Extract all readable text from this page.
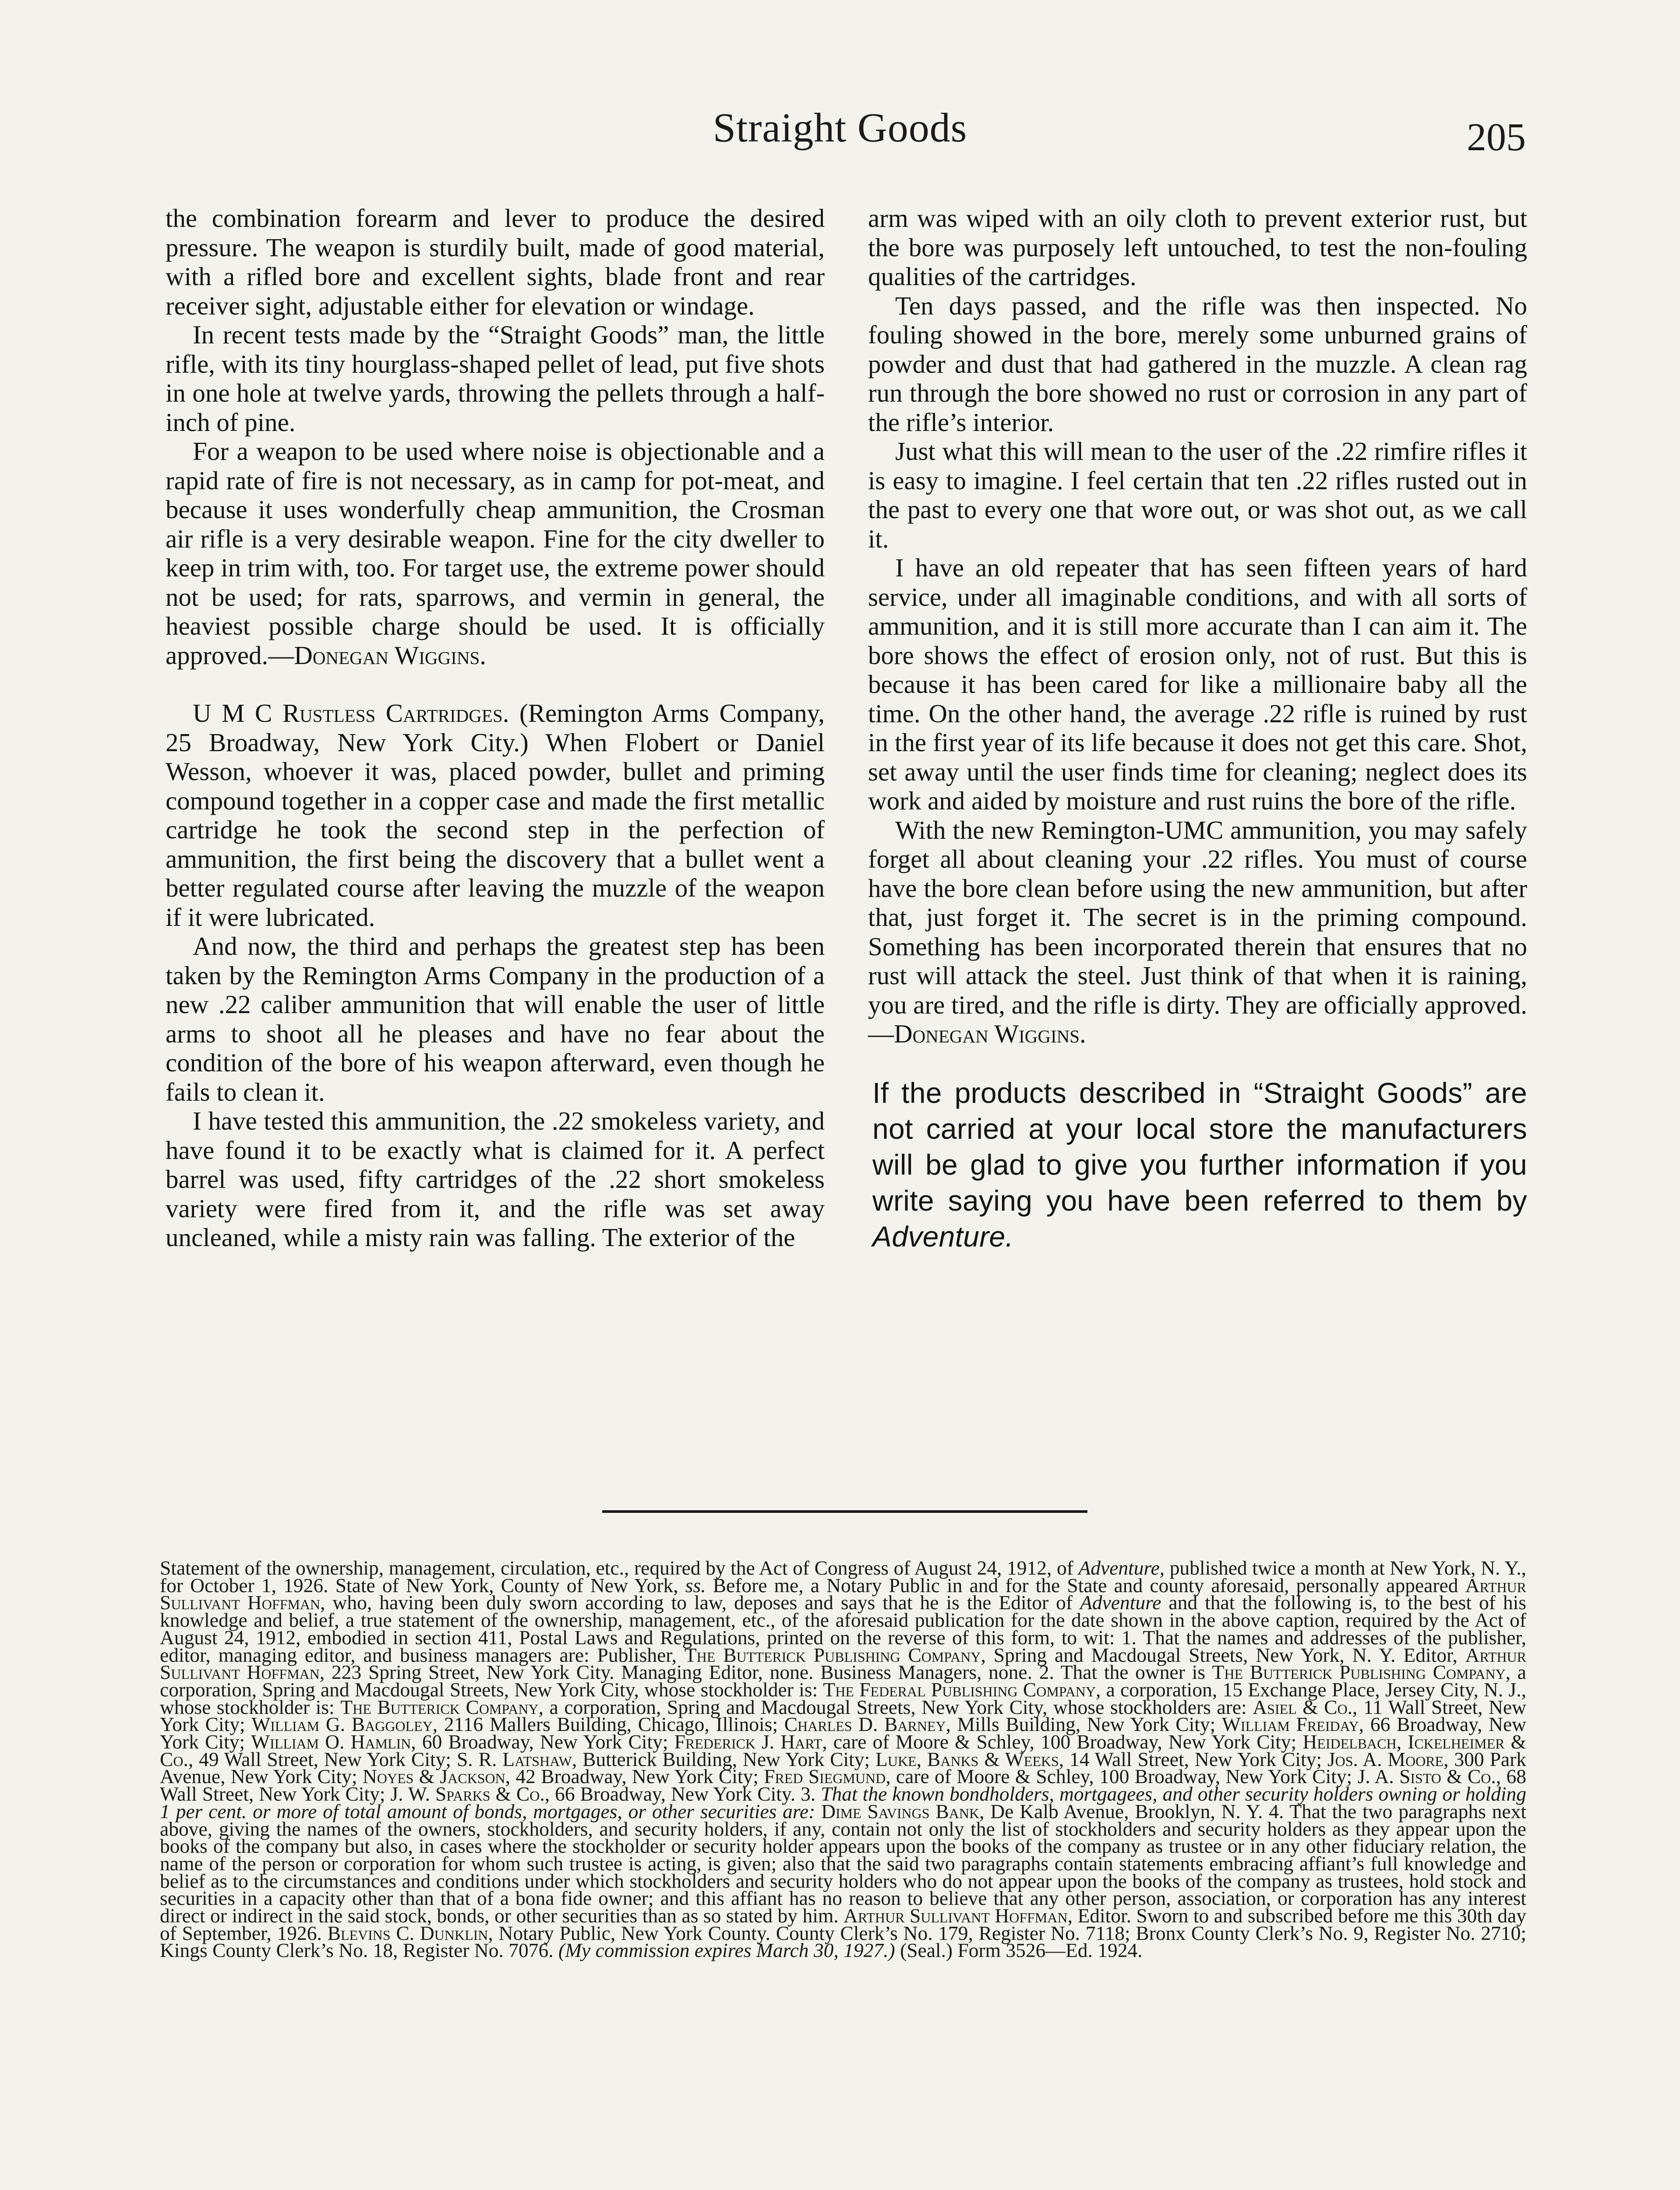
Straight Goods	205

the combination forearm and lever to produce the desired pressure. The weapon is sturdily built, made of good material, with a rifled bore and excellent sights, blade front and rear receiver sight, adjustable either for elevation or windage.

In recent tests made by the “Straight Goods” man, the little rifle, with its tiny hourglass-shaped pellet of lead, put five shots in one hole at twelve yards, throwing the pellets through a half-inch of pine.

For a weapon to be used where noise is objectionable and a rapid rate of fire is not necessary, as in camp for pot-meat, and because it uses wonderfully cheap ammunition, the Crosman air rifle is a very desirable weapon. Fine for the city dweller to keep in trim with, too. For target use, the extreme power should not be used; for rats, sparrows, and vermin in general, the heaviest possible charge should be used. It is officially approved.—Donegan Wiggins.

U M C Rustless Cartridges. (Remington Arms Company, 25 Broadway, New York City.) When Flobert or Daniel Wesson, whoever it was, placed powder, bullet and priming compound together in a copper case and made the first metallic cartridge he took the second step in the perfection of ammunition, the first being the discovery that a bullet went a better regulated course after leaving the muzzle of the weapon if it were lubricated.

And now, the third and perhaps the greatest step has been taken by the Remington Arms Company in the production of a new .22 caliber ammunition that will enable the user of little arms to shoot all he pleases and have no fear about the condition of the bore of his weapon afterward, even though he fails to clean it.

I have tested this ammunition, the .22 smokeless variety, and have found it to be exactly what is claimed for it. A perfect barrel was used, fifty cartridges of the .22 short smokeless variety were fired from it, and the rifle was set away uncleaned, while a misty rain was falling. The exterior of the

arm was wiped with an oily cloth to prevent exterior rust, but the bore was purposely left untouched, to test the non-fouling qualities of the cartridges.

Ten days passed, and the rifle was then inspected. No fouling showed in the bore, merely some unburned grains of powder and dust that had gathered in the muzzle. A clean rag run through the bore showed no rust or corrosion in any part of the rifle’s interior.

Just what this will mean to the user of the .22 rimfire rifles it is easy to imagine. I feel certain that ten .22 rifles rusted out in the past to every one that wore out, or was shot out, as we call it.

I have an old repeater that has seen fifteen years of hard service, under all imaginable conditions, and with all sorts of ammunition, and it is still more accurate than I can aim it. The bore shows the effect of erosion only, not of rust. But this is because it has been cared for like a millionaire baby all the time. On the other hand, the average .22 rifle is ruined by rust in the first year of its life because it does not get this care. Shot, set away until the user finds time for cleaning; neglect does its work and aided by moisture and rust ruins the bore of the rifle.

With the new Remington-UMC ammunition, you may safely forget all about cleaning your .22 rifles. You must of course have the bore clean before using the new ammunition, but after that, just forget it. The secret is in the priming compound. Something has been incorporated therein that ensures that no rust will attack the steel. Just think of that when it is raining, you are tired, and the rifle is dirty. They are officially approved.—Donegan Wiggins.

If the products described in “Straight Goods” are not carried at your local store the manufacturers will be glad to give you further information if you write saying you have been referred to them by Adventure.
Statement of the ownership, management, circulation, etc., required by the Act of Congress of August 24, 1912, of Adventure, published twice a month at New York, N. Y., for October 1, 1926. State of New York, County of New York, ss. Before me, a Notary Public in and for the State and county aforesaid, personally appeared Arthur Sullivant Hoffman, who, having been duly sworn according to law, deposes and says that he is the Editor of Adventure and that the following is, to the best of his knowledge and belief, a true statement of the ownership, management, etc., of the aforesaid publication for the date shown in the above caption, required by the Act of August 24, 1912, embodied in section 411, Postal Laws and Regulations, printed on the reverse of this form, to wit: 1. That the names and addresses of the publisher, editor, managing editor, and business managers are: Publisher, The Butterick Publishing Company, Spring and Macdougal Streets, New York, N. Y. Editor, Arthur Sullivant Hoffman, 223 Spring Street, New York City. Managing Editor, none. Business Managers, none. 2. That the owner is The Butterick Publishing Company, a corporation, Spring and Macdougal Streets, New York City, whose stockholder is: The Federal Publishing Company, a corporation, 15 Exchange Place, Jersey City, N. J., whose stockholder is: The Butterick Company, a corporation, Spring and Macdougal Streets, New York City, whose stockholders are: Asiel & Co., 11 Wall Street, New York City; William G. Baggoley, 2116 Mallers Building, Chicago, Illinois; Charles D. Barney, Mills Building, New York City; William Freiday, 66 Broadway, New York City; William O. Hamlin, 60 Broadway, New York City; Frederick J. Hart, care of Moore & Schley, 100 Broadway, New York City; Heidelbach, Ickelheimer & Co., 49 Wall Street, New York City; S. R. Latshaw, Butterick Building, New York City; Luke, Banks & Weeks, 14 Wall Street, New York City; Jos. A. Moore, 300 Park Avenue, New York City; Noyes & Jackson, 42 Broadway, New York City; Fred Siegmund, care of Moore & Schley, 100 Broadway, New York City; J. A. Sisto & Co., 68 Wall Street, New York City; J. W. Sparks & Co., 66 Broadway, New York City. 3. That the known bondholders, mortgagees, and other security holders owning or holding 1 per cent. or more of total amount of bonds, mortgages, or other securities are: Dime Savings Bank, De Kalb Avenue, Brooklyn, N. Y. 4. That the two paragraphs next above, giving the names of the owners, stockholders, and security holders, if any, contain not only the list of stockholders and security holders as they appear upon the books of the company but also, in cases where the stockholder or security holder appears upon the books of the company as trustee or in any other fiduciary relation, the name of the person or corporation for whom such trustee is acting, is given; also that the said two paragraphs contain statements embracing affiant’s full knowledge and belief as to the circumstances and conditions under which stockholders and security holders who do not appear upon the books of the company as trustees, hold stock and securities in a capacity other than that of a bona fide owner; and this affiant has no reason to believe that any other person, association, or corporation has any interest direct or indirect in the said stock, bonds, or other securities than as so stated by him. Arthur Sullivant Hoffman, Editor. Sworn to and subscribed before me this 30th day of September, 1926. Blevins C. Dunklin, Notary Public, New York County. County Clerk’s No. 179, Register No. 7118; Bronx County Clerk’s No. 9, Register No. 2710; Kings County Clerk’s No. 18, Register No. 7076. (My commission expires March 30, 1927.) (Seal.) Form 3526—Ed. 1924.
